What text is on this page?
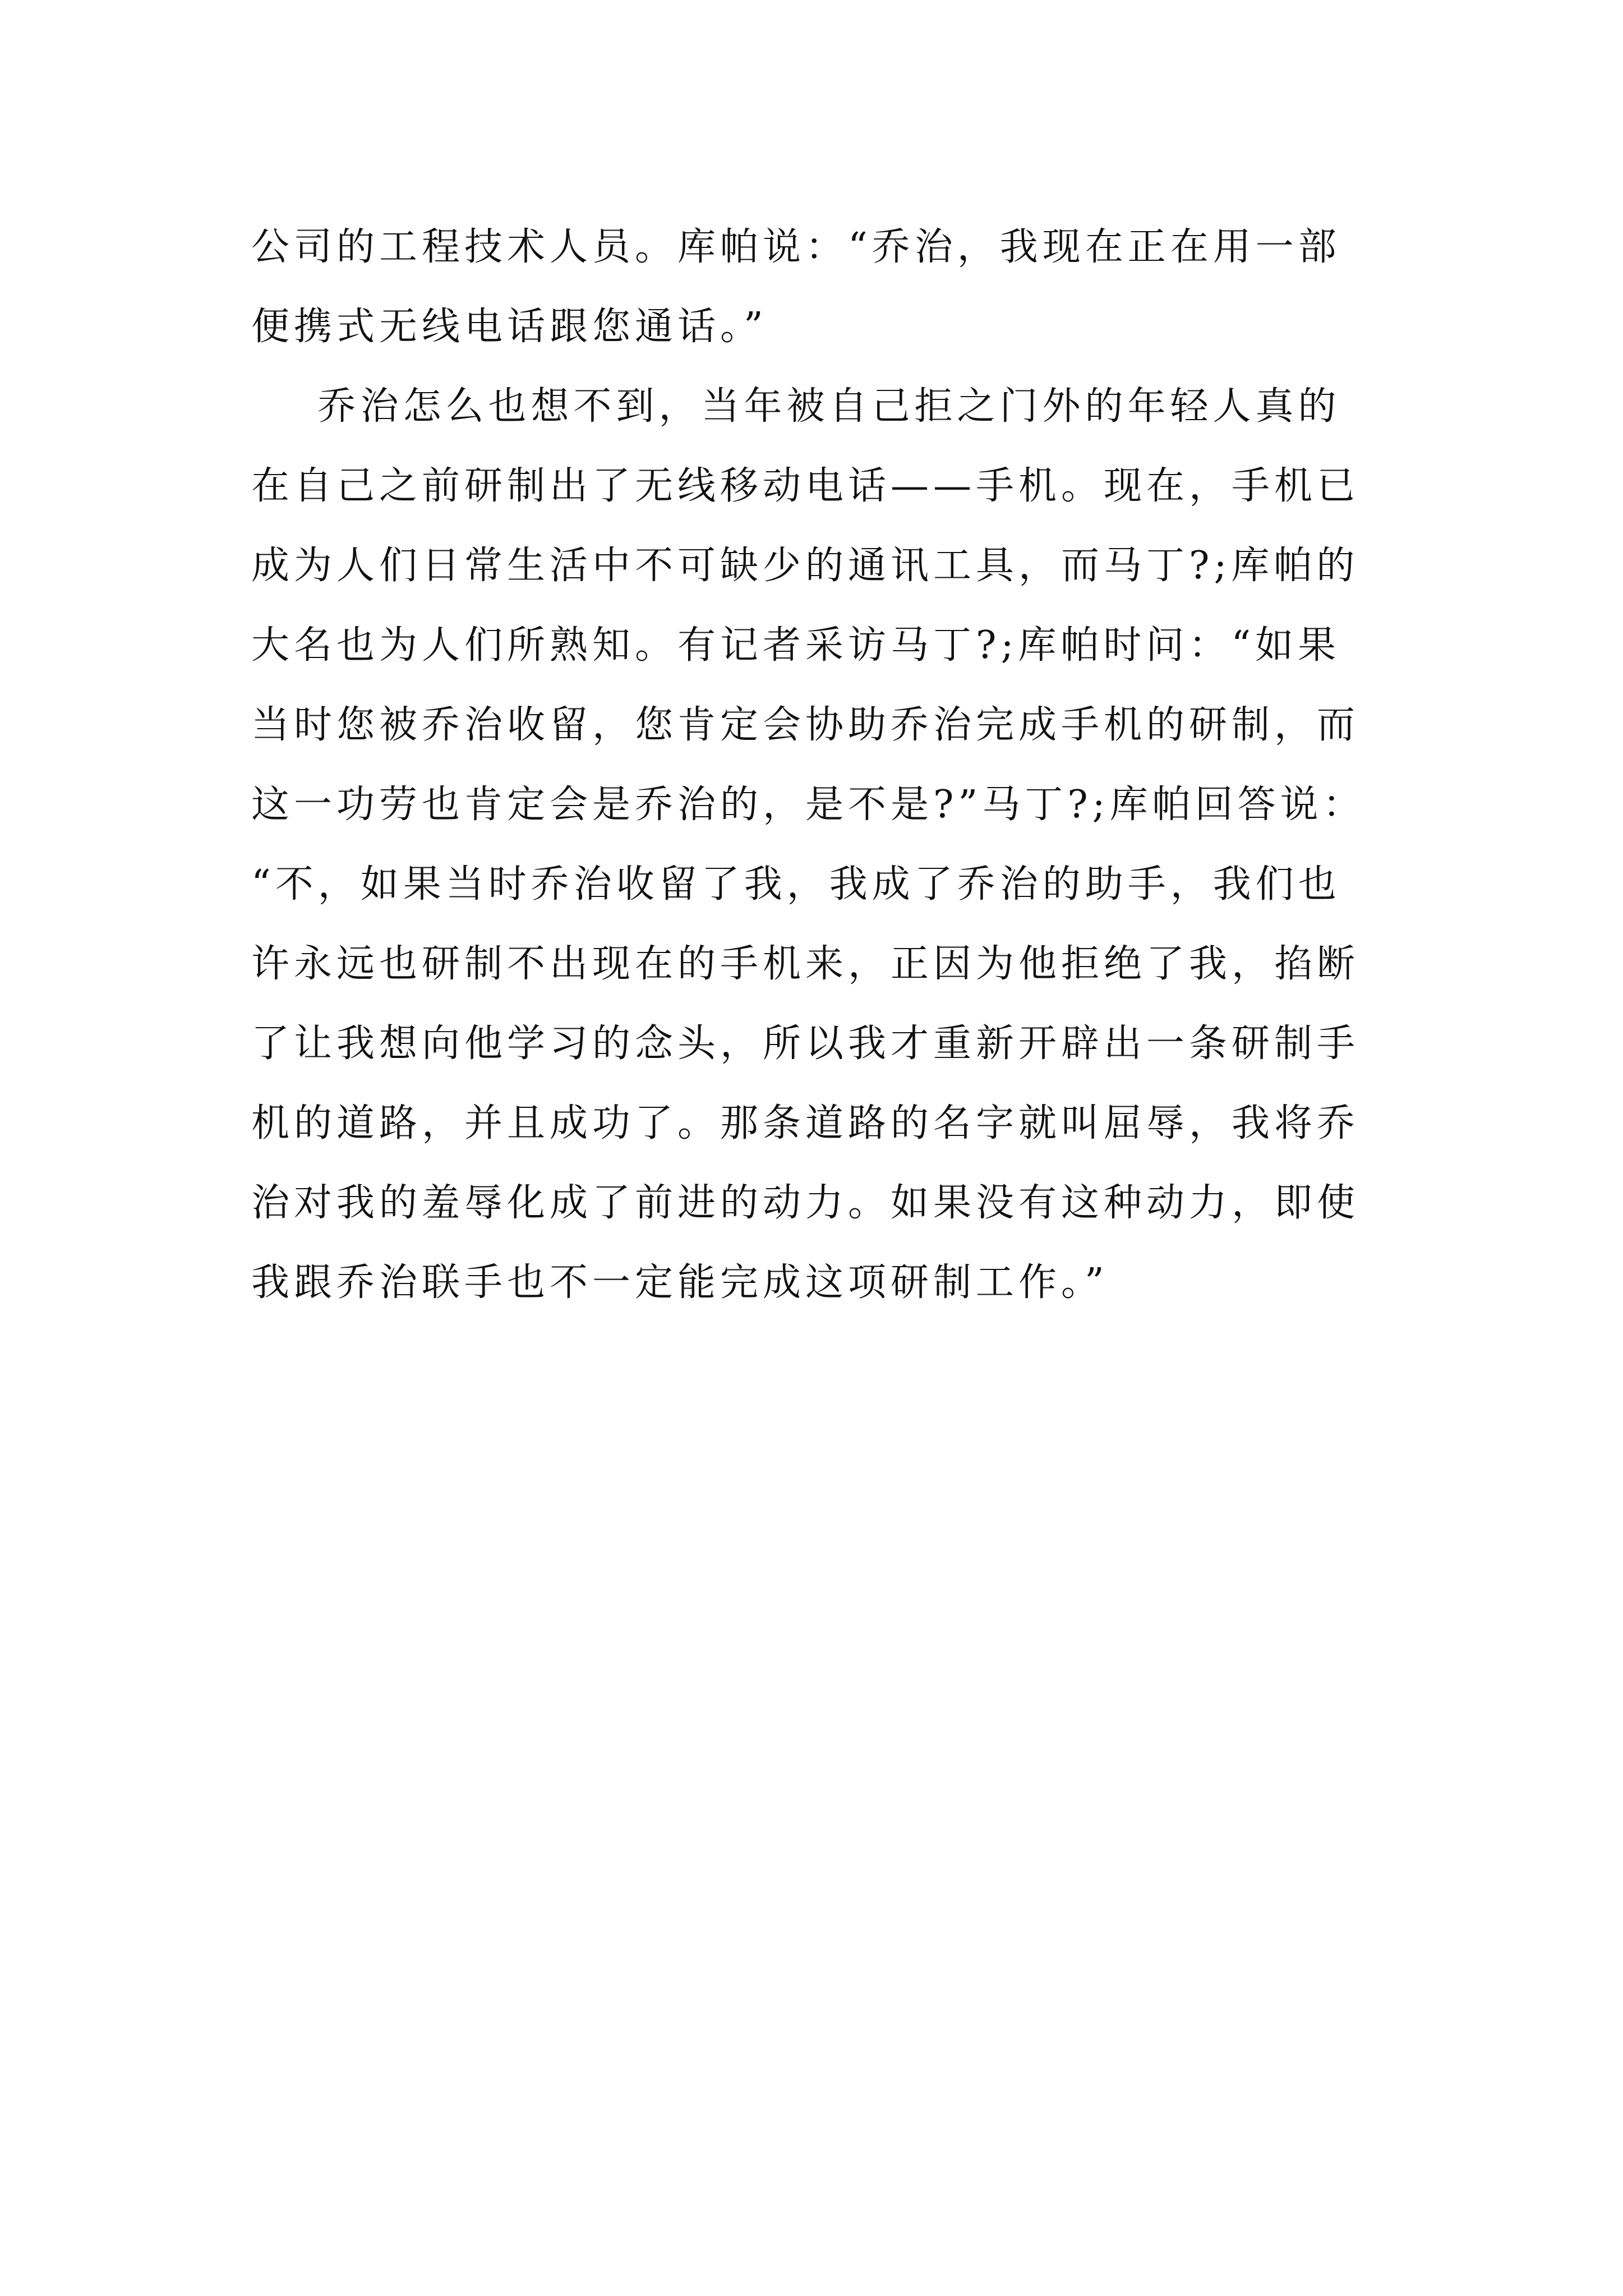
公司的工程技术人员。库帕说：“乔治，我现在正在用一部
便携式无线电话跟您通话。”
乔治怎么也想不到，当年被自己拒之门外的年轻人真的
在自己之前研制出了无线移动电话——手机。现在，手机已
成为人们日常生活中不可缺少的通讯工具，而马丁?;库帕的
大名也为人们所熟知。有记者采访马丁?;库帕时问：“如果
当时您被乔治收留，您肯定会协助乔治完成手机的研制，而
这一功劳也肯定会是乔治的，是不是?”马丁?;库帕回答说：
“不，如果当时乔治收留了我，我成了乔治的助手，我们也
许永远也研制不出现在的手机来，正因为他拒绝了我，掐断
了让我想向他学习的念头，所以我才重新开辟出一条研制手
机的道路，并且成功了。那条道路的名字就叫屈辱，我将乔
治对我的羞辱化成了前进的动力。如果没有这种动力，即使
我跟乔治联手也不一定能完成这项研制工作。”
